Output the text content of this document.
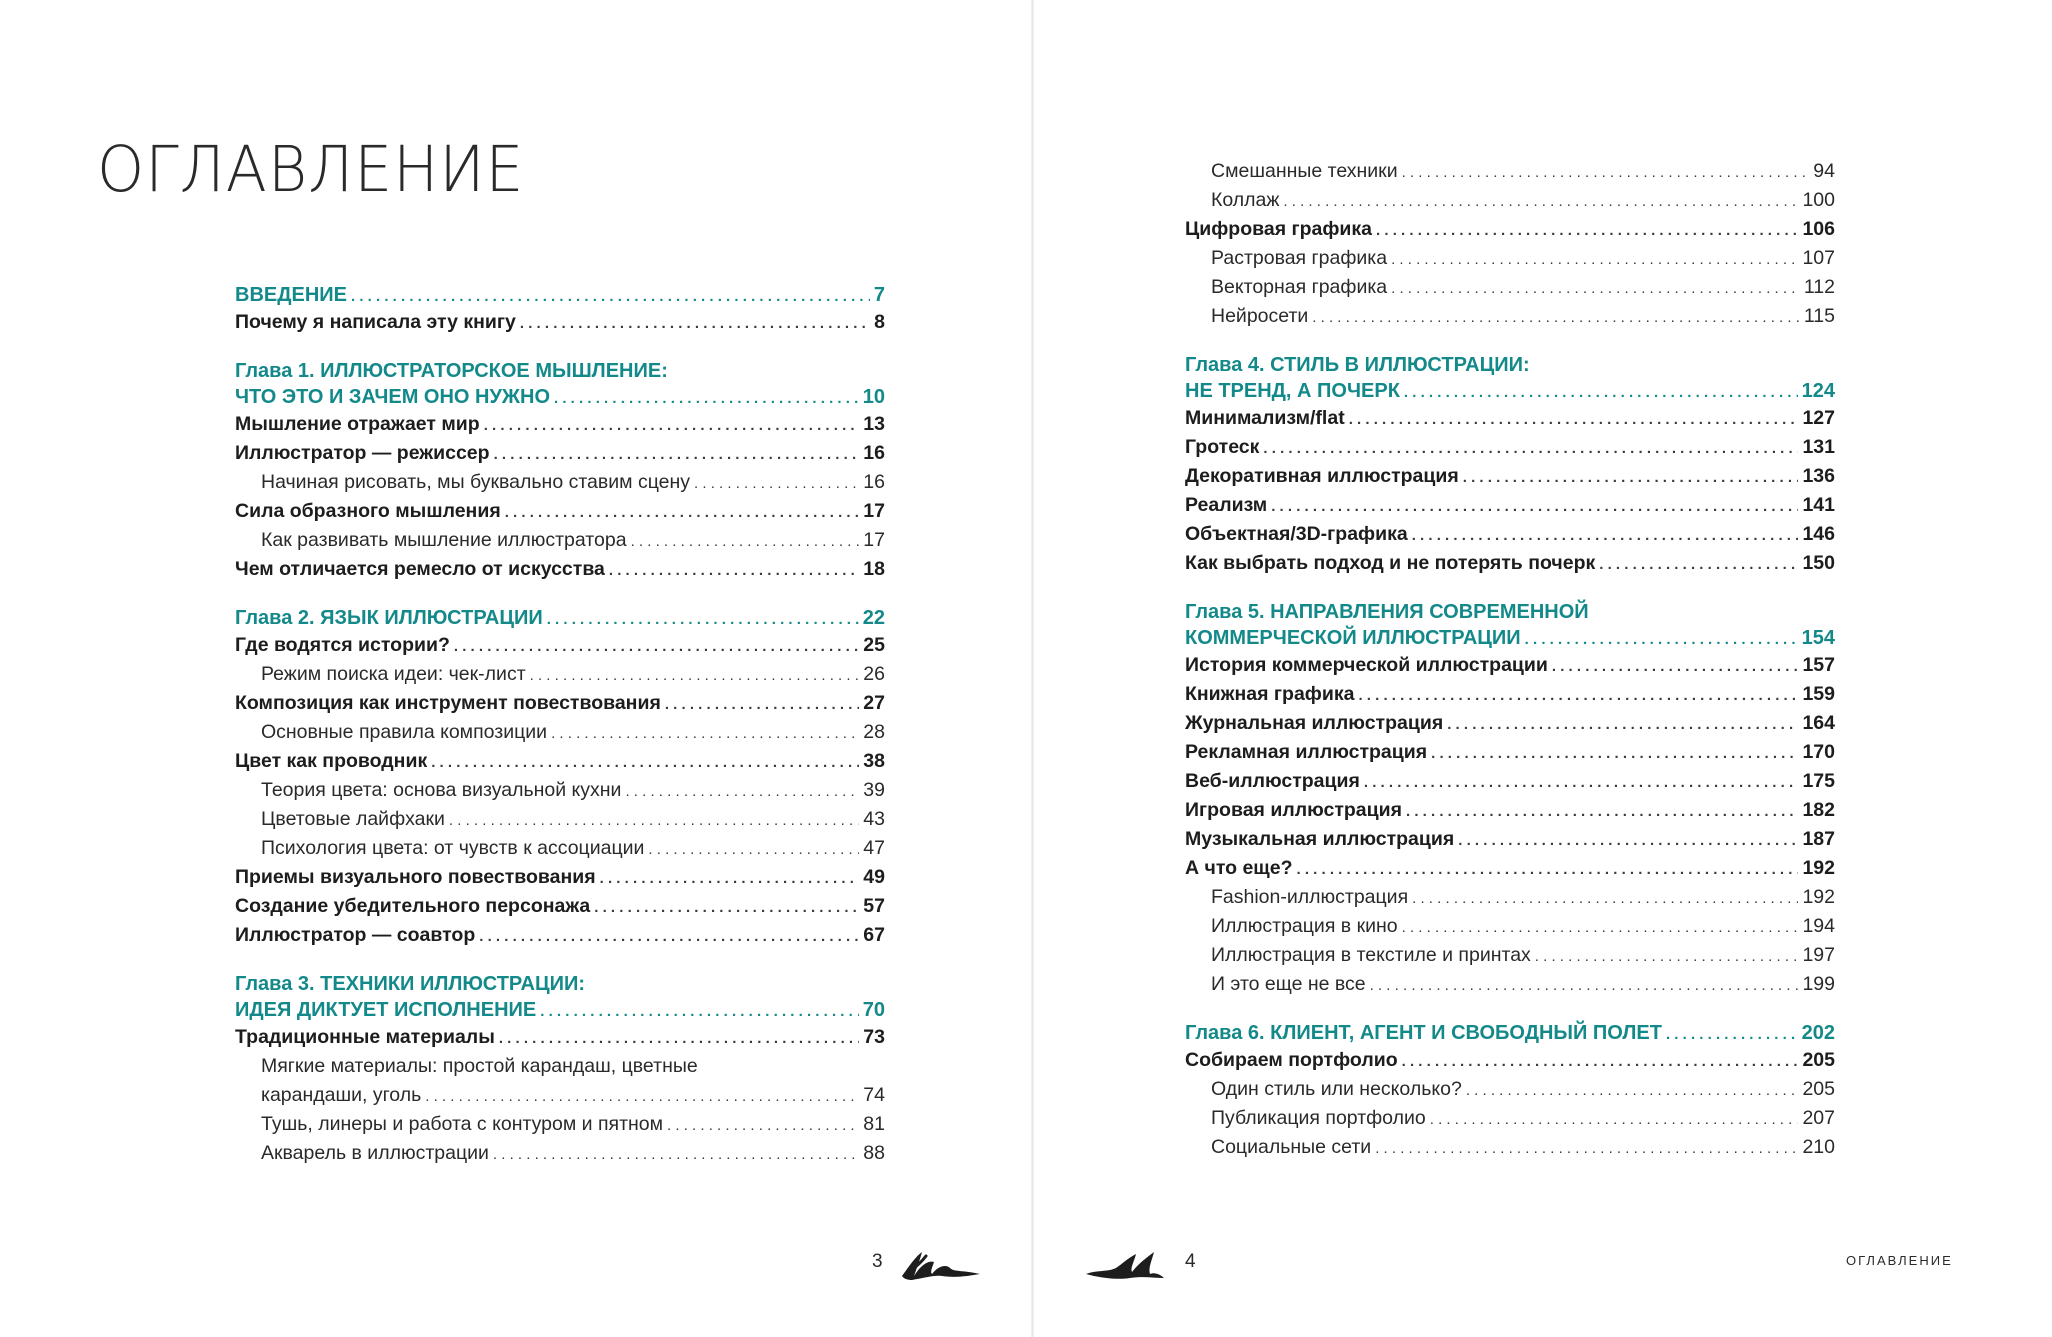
ОГЛАВЛЕНИЕ
ВВЕДЕНИЕ . . .	7
Почему я написала эту книгу . . .	8
Глава 1. ИЛЛЮСТРАТОРСКОЕ МЫШЛЕНИЕ:
ЧТО ЭТО И ЗАЧЕМ ОНО НУЖНО . . .	10
Мышление отражает мир . . .	13
Иллюстратор — режиссер . . .	16
Начиная рисовать, мы буквально ставим сцену . . .	16
Сила образного мышления . . .	17
Как развивать мышление иллюстратора . . .	17
Чем отличается ремесло от искусства . . .	18
Глава 2. ЯЗЫК ИЛЛЮСТРАЦИИ . . .	22
Где водятся истории? . . .	25
Режим поиска идеи: чек-лист . . .	26
Композиция как инструмент повествования . . .	27
Основные правила композиции . . .	28
Цвет как проводник . . .	38
Теория цвета: основа визуальной кухни . . .	39
Цветовые лайфхаки . . .	43
Психология цвета: от чувств к ассоциации . . .	47
Приемы визуального повествования . . .	49
Создание убедительного персонажа . . .	57
Иллюстратор — соавтор . . .	67
Глава 3. ТЕХНИКИ ИЛЛЮСТРАЦИИ:
ИДЕЯ ДИКТУЕТ ИСПОЛНЕНИЕ . . .	70
Традиционные материалы . . .	73
Мягкие материалы: простой карандаш, цветные
карандаши, уголь . . .	74
Тушь, линеры и работа с контуром и пятном . . .	81
Акварель в иллюстрации . . .	88
3
Смешанные техники . . .	94
Коллаж . . .	100
Цифровая графика . . .	106
Растровая графика . . .	107
Векторная графика . . .	112
Нейросети . . .	115
Глава 4. СТИЛЬ В ИЛЛЮСТРАЦИИ:
НЕ ТРЕНД, А ПОЧЕРК . . .	124
Минимализм/flat . . .	127
Гротеск . . .	131
Декоративная иллюстрация . . .	136
Реализм . . .	141
Объектная/3D-графика . . .	146
Как выбрать подход и не потерять почерк . . .	150
Глава 5. НАПРАВЛЕНИЯ СОВРЕМЕННОЙ
КОММЕРЧЕСКОЙ ИЛЛЮСТРАЦИИ . . .	154
История коммерческой иллюстрации . . .	157
Книжная графика . . .	159
Журнальная иллюстрация . . .	164
Рекламная иллюстрация . . .	170
Веб-иллюстрация . . .	175
Игровая иллюстрация . . .	182
Музыкальная иллюстрация . . .	187
А что еще? . . .	192
Fashion-иллюстрация . . .	192
Иллюстрация в кино . . .	194
Иллюстрация в текстиле и принтах . . .	197
И это еще не все . . .	199
Глава 6. КЛИЕНТ, АГЕНТ И СВОБОДНЫЙ ПОЛЕТ . . .	202
Собираем портфолио . . .	205
Один стиль или несколько? . . .	205
Публикация портфолио . . .	207
Социальные сети . . .	210
4	ОГЛАВЛЕНИЕ
